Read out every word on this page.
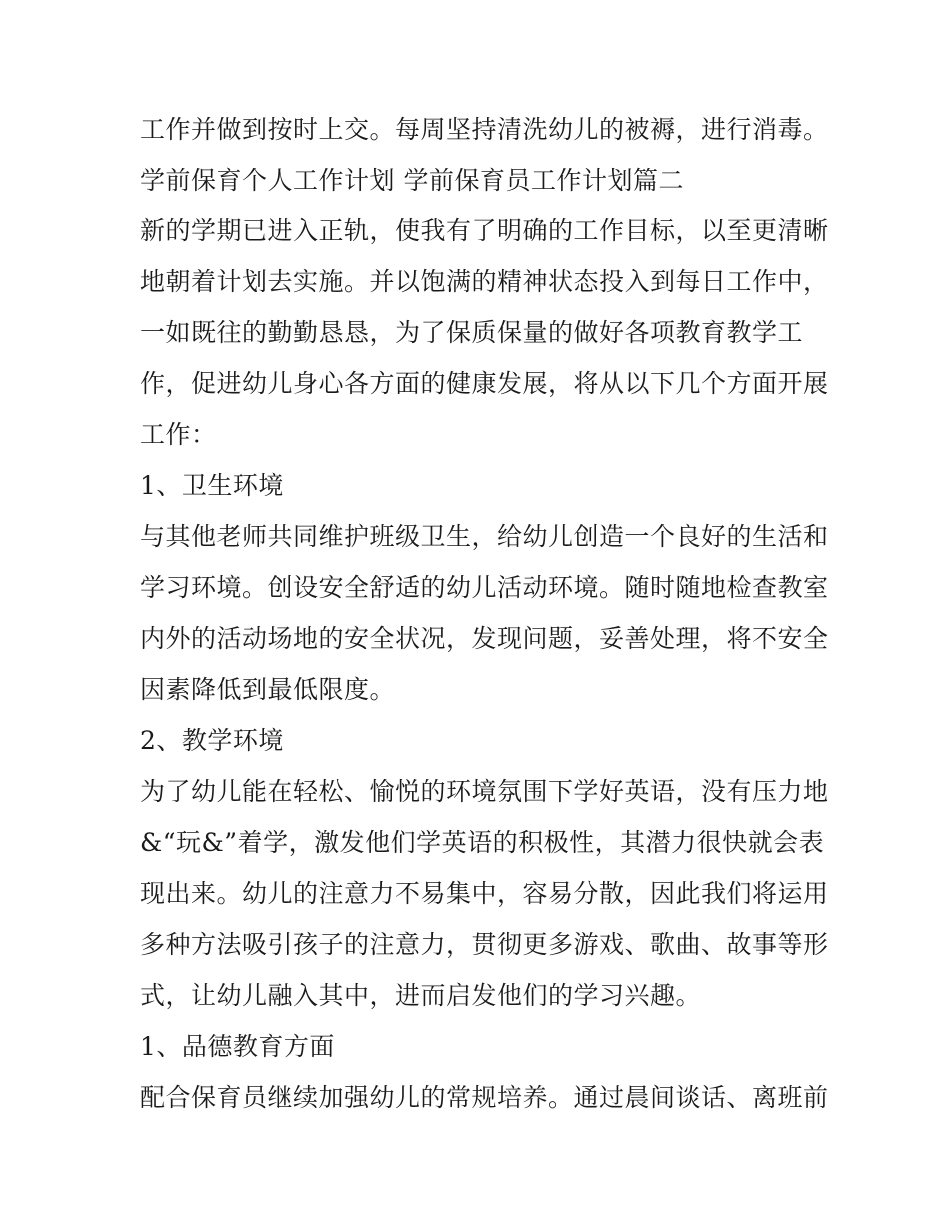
工作并做到按时上交。每周坚持清洗幼儿的被褥，进行消毒。
学前保育个人工作计划 学前保育员工作计划篇二
新的学期已进入正轨，使我有了明确的工作目标，以至更清晰
地朝着计划去实施。并以饱满的精神状态投入到每日工作中，
一如既往的勤勤恳恳，为了保质保量的做好各项教育教学工
作，促进幼儿身心各方面的健康发展，将从以下几个方面开展
工作：
1、卫生环境
与其他老师共同维护班级卫生，给幼儿创造一个良好的生活和
学习环境。创设安全舒适的幼儿活动环境。随时随地检查教室
内外的活动场地的安全状况，发现问题，妥善处理，将不安全
因素降低到最低限度。
2、教学环境
为了幼儿能在轻松、愉悦的环境氛围下学好英语，没有压力地
&“玩&”着学，激发他们学英语的积极性，其潜力很快就会表
现出来。幼儿的注意力不易集中，容易分散，因此我们将运用
多种方法吸引孩子的注意力，贯彻更多游戏、歌曲、故事等形
式，让幼儿融入其中，进而启发他们的学习兴趣。
1、品德教育方面
配合保育员继续加强幼儿的常规培养。通过晨间谈话、离班前
